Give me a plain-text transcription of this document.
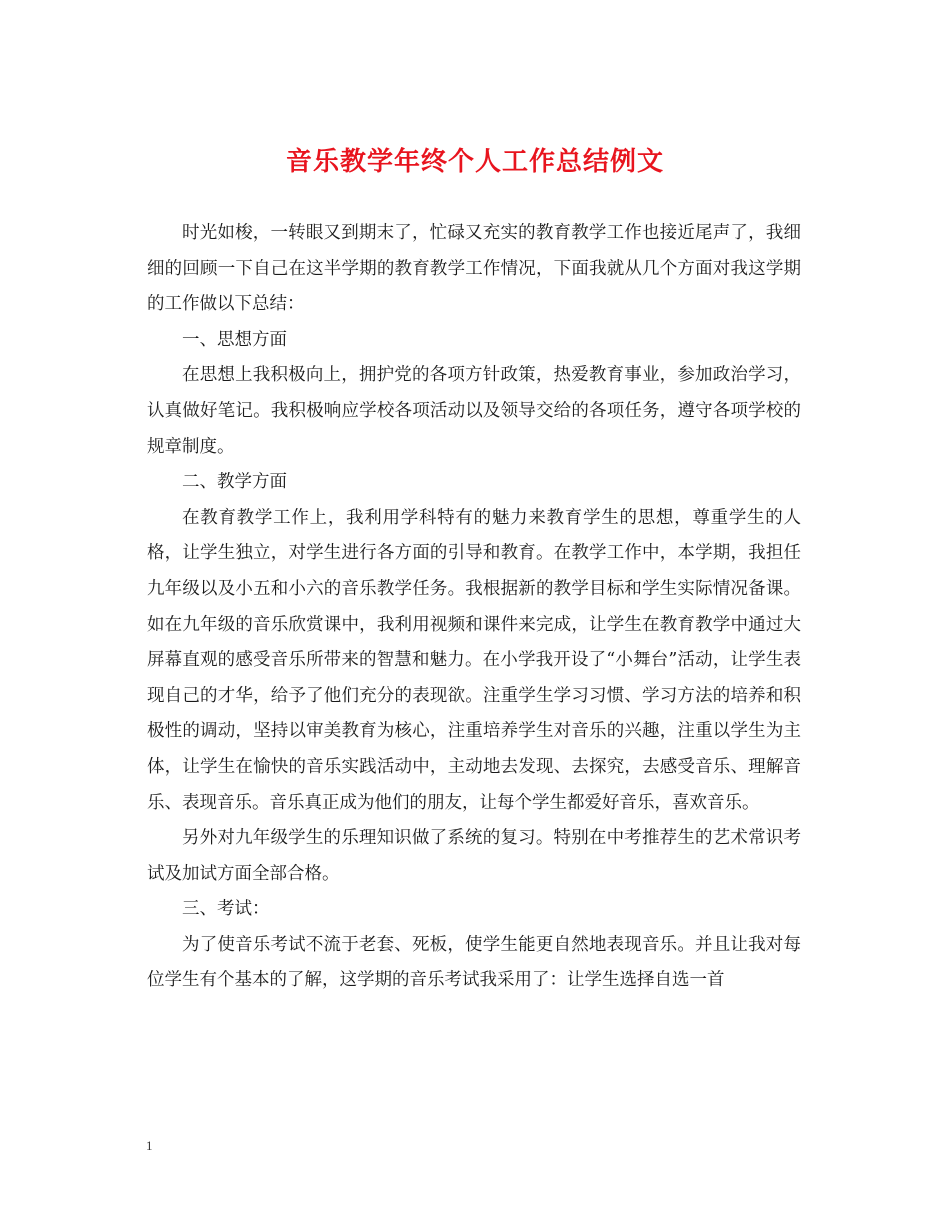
音乐教学年终个人工作总结例文

时光如梭，一转眼又到期末了，忙碌又充实的教育教学工作也接近尾声了，我细细的回顾一下自己在这半学期的教育教学工作情况，下面我就从几个方面对我这学期的工作做以下总结：

一、思想方面

在思想上我积极向上，拥护党的各项方针政策，热爱教育事业，参加政治学习，认真做好笔记。我积极响应学校各项活动以及领导交给的各项任务，遵守各项学校的规章制度。

二、教学方面

在教育教学工作上，我利用学科特有的魅力来教育学生的思想，尊重学生的人格，让学生独立，对学生进行各方面的引导和教育。在教学工作中，本学期，我担任九年级以及小五和小六的音乐教学任务。我根据新的教学目标和学生实际情况备课。如在九年级的音乐欣赏课中，我利用视频和课件来完成，让学生在教育教学中通过大屏幕直观的感受音乐所带来的智慧和魅力。在小学我开设了“小舞台”活动，让学生表现自己的才华，给予了他们充分的表现欲。注重学生学习习惯、学习方法的培养和积极性的调动，坚持以审美教育为核心，注重培养学生对音乐的兴趣，注重以学生为主体，让学生在愉快的音乐实践活动中，主动地去发现、去探究，去感受音乐、理解音乐、表现音乐。音乐真正成为他们的朋友，让每个学生都爱好音乐，喜欢音乐。

另外对九年级学生的乐理知识做了系统的复习。特别在中考推荐生的艺术常识考试及加试方面全部合格。

三、考试：

为了使音乐考试不流于老套、死板，使学生能更自然地表现音乐。并且让我对每位学生有个基本的了解，这学期的音乐考试我采用了：让学生选择自选一首

1
